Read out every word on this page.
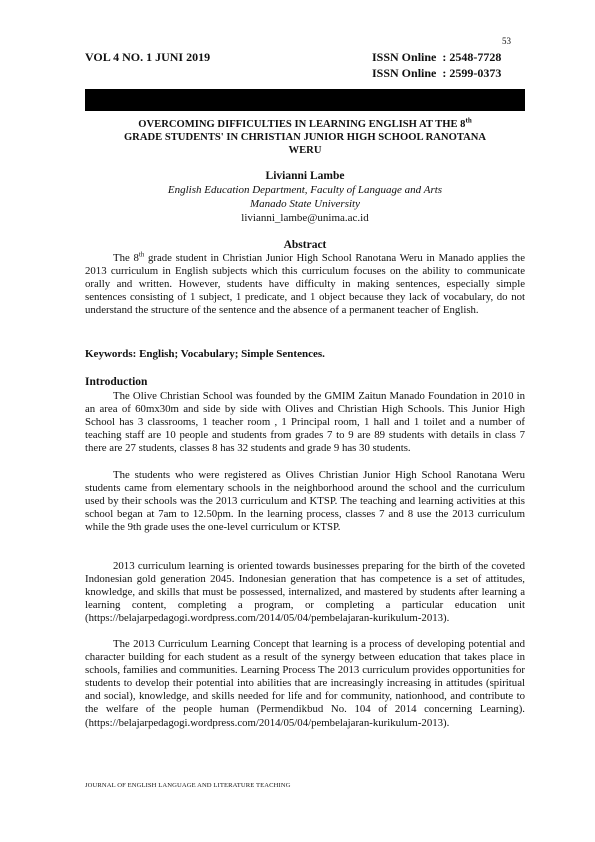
53
VOL 4 NO. 1 JUNI 2019	ISSN Online  : 2548-7728
ISSN Online  : 2599-0373
OVERCOMING DIFFICULTIES IN LEARNING ENGLISH AT THE 8th
GRADE STUDENTS' IN CHRISTIAN JUNIOR HIGH SCHOOL RANOTANA
WERU
Livianni Lambe
English Education Department, Faculty of Language and Arts
Manado State University
livianni_lambe@unima.ac.id
Abstract
The 8th grade student in Christian Junior High School Ranotana Weru in Manado applies the 2013 curriculum in English subjects which this curriculum focuses on the ability to communicate orally and written. However, students have difficulty in making sentences, especially simple sentences consisting of 1 subject, 1 predicate, and 1 object because they lack of vocabulary, do not understand the structure of the sentence and the absence of a permanent teacher of English.
Keywords: English; Vocabulary; Simple Sentences.
Introduction
The Olive Christian School was founded by the GMIM Zaitun Manado Foundation in 2010 in an area of 60mx30m and side by side with Olives and Christian High Schools. This Junior High School has 3 classrooms, 1 teacher room , 1 Principal room, 1 hall and 1 toilet and a number of teaching staff are 10 people and students from grades 7 to 9 are 89 students with details in class 7 there are 27 students, classes 8 has 32 students and grade 9 has 30 students.
The students who were registered as Olives Christian Junior High School Ranotana Weru students came from elementary schools in the neighborhood around the school and the curriculum used by their schools was the 2013 curriculum and KTSP. The teaching and learning activities at this school began at 7am to 12.50pm. In the learning process, classes 7 and 8 use the 2013 curriculum while the 9th grade uses the one-level curriculum or KTSP.
2013 curriculum learning is oriented towards businesses preparing for the birth of the coveted Indonesian gold generation 2045. Indonesian generation that has competence is a set of attitudes, knowledge, and skills that must be possessed, internalized, and mastered by students after learning a learning content, completing a program, or completing a particular education unit (https://belajarpedagogi.wordpress.com/2014/05/04/pembelajaran-kurikulum-2013).
The 2013 Curriculum Learning Concept that learning is a process of developing potential and character building for each student as a result of the synergy between education that takes place in schools, families and communities. Learning Process The 2013 curriculum provides opportunities for students to develop their potential into abilities that are increasingly increasing in attitudes (spiritual and social), knowledge, and skills needed for life and for community, nationhood, and contribute to the welfare of the people human (Permendikbud No. 104 of 2014 concerning Learning). (https://belajarpedagogi.wordpress.com/2014/05/04/pembelajaran-kurikulum-2013).
JOURNAL OF ENGLISH LANGUAGE AND LITERATURE TEACHING
